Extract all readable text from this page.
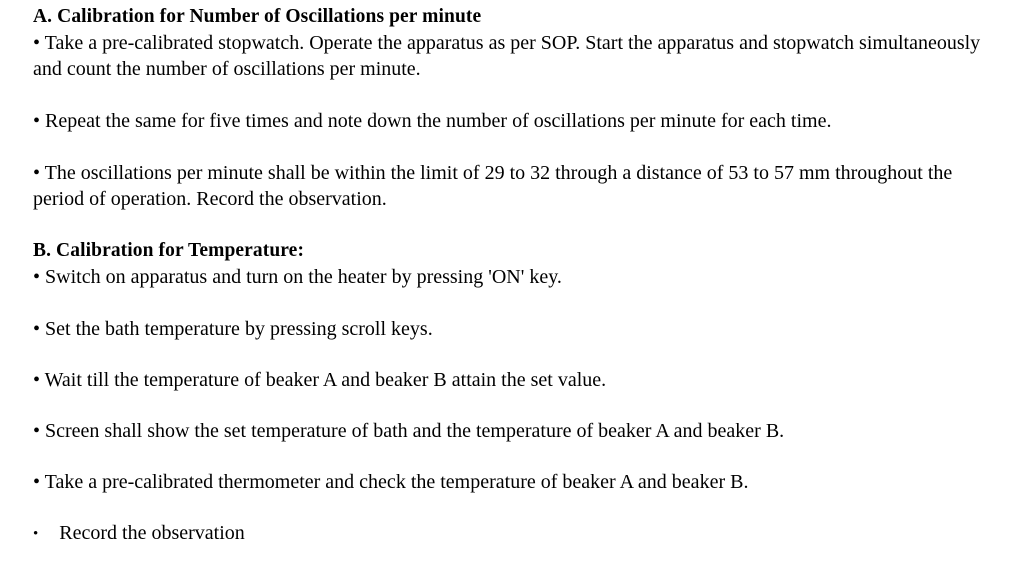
A. Calibration for Number of Oscillations per minute

• Take a pre-calibrated stopwatch. Operate the apparatus as per SOP. Start the apparatus and stopwatch simultaneously and count the number of oscillations per minute.

• Repeat the same for five times and note down the number of oscillations per minute for each time.

• The oscillations per minute shall be within the limit of 29 to 32 through a distance of 53 to 57 mm throughout the period of operation. Record the observation.

B. Calibration for Temperature:

• Switch on apparatus and turn on the heater by pressing 'ON' key.

• Set the bath temperature by pressing scroll keys.

• Wait till the temperature of beaker A and beaker B attain the set value.

• Screen shall show the set temperature of bath and the temperature of beaker A and beaker B.

• Take a pre-calibrated thermometer and check the temperature of beaker A and beaker B.

• Record the observation
